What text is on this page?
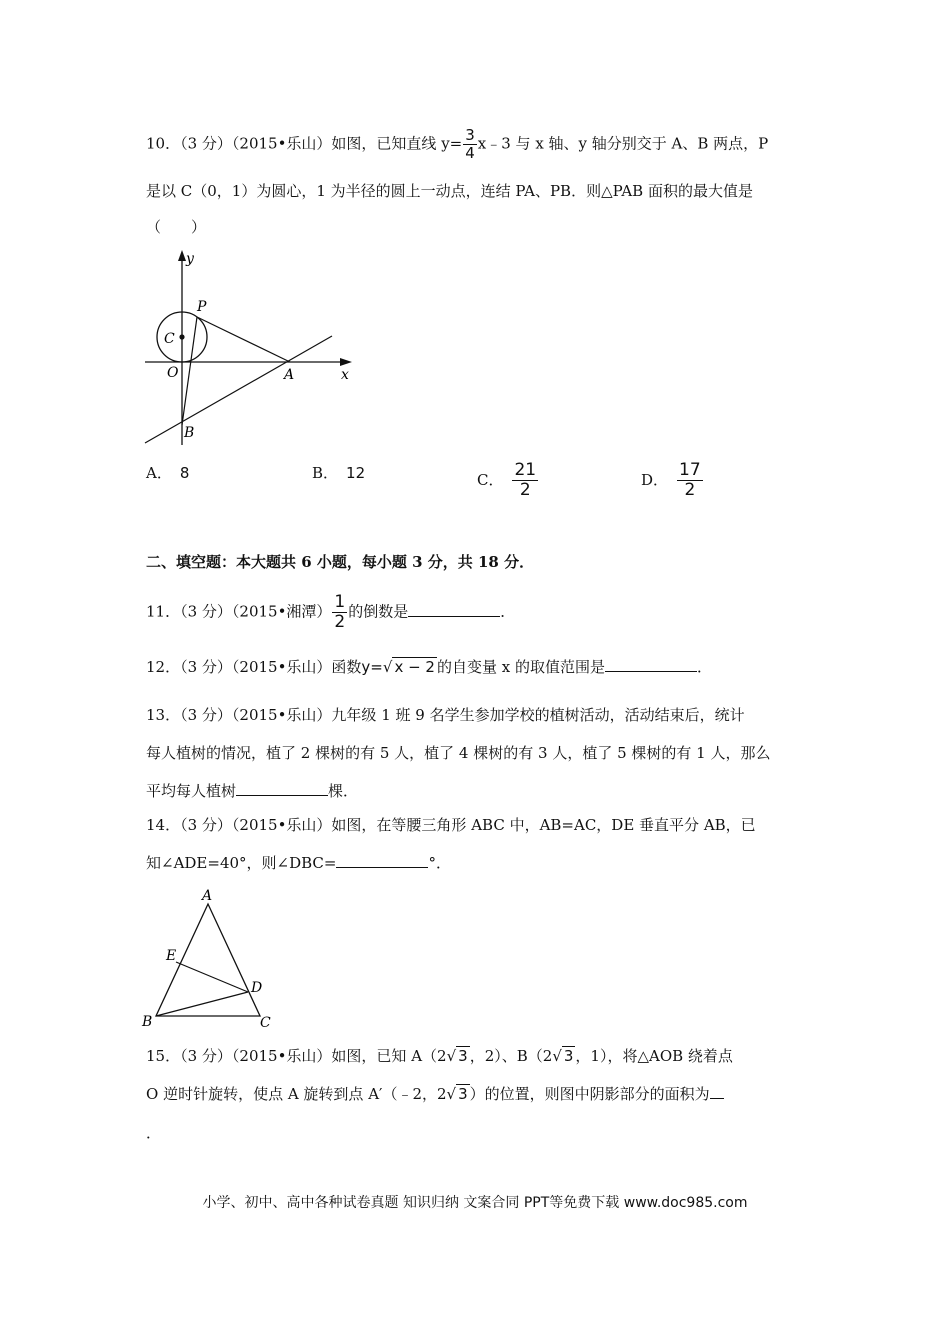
10．（3 分）（2015•乐山）如图，已知直线 $y= \frac{3}{4}$ x﹣3 与 x 轴、y 轴分别交于 A、B 两点，P
是以 C（0，1）为圆心，1 为半径的圆上一动点，连结 PA、PB．则△PAB 面积的最大值是
（　　）
y
P
C
O	A	x
B
A． 8	B． 12	C． $\frac{21}{2}$	D． $\frac{17}{2}$
二、填空题：本大题共 6 小题，每小题 3 分，共 18 分．
11．（3 分）（2015•湘潭） $\frac{1}{2}$ 的倒数是	．
12．（3 分）（2015•乐山）函数y=√ x − 2 的自变量 x 的取值范围是	．
13．（3 分）（2015•乐山）九年级 1 班 9 名学生参加学校的植树活动，活动结束后，统计
每人植树的情况，植了 2 棵树的有 5 人，植了 4 棵树的有 3 人，植了 5 棵树的有 1 人，那么
平均每人植树	棵．
14．（3 分）（2015•乐山）如图，在等腰三角形 ABC 中，AB=AC，DE 垂直平分 AB，已
知∠ADE=40°，则∠DBC=	°．
A
E
D
B	C
15．（3 分）（2015•乐山）如图，已知 A（2√ 3 ，2）、B（2√ 3 ，1），将△AOB 绕着点
O 逆时针旋转，使点 A 旋转到点 A′（﹣2，2√ 3 ）的位置，则图中阴影部分的面积为
．
小学、初中、高中各种试卷真题 知识归纳 文案合同 PPT等免费下载 www.doc985.com
